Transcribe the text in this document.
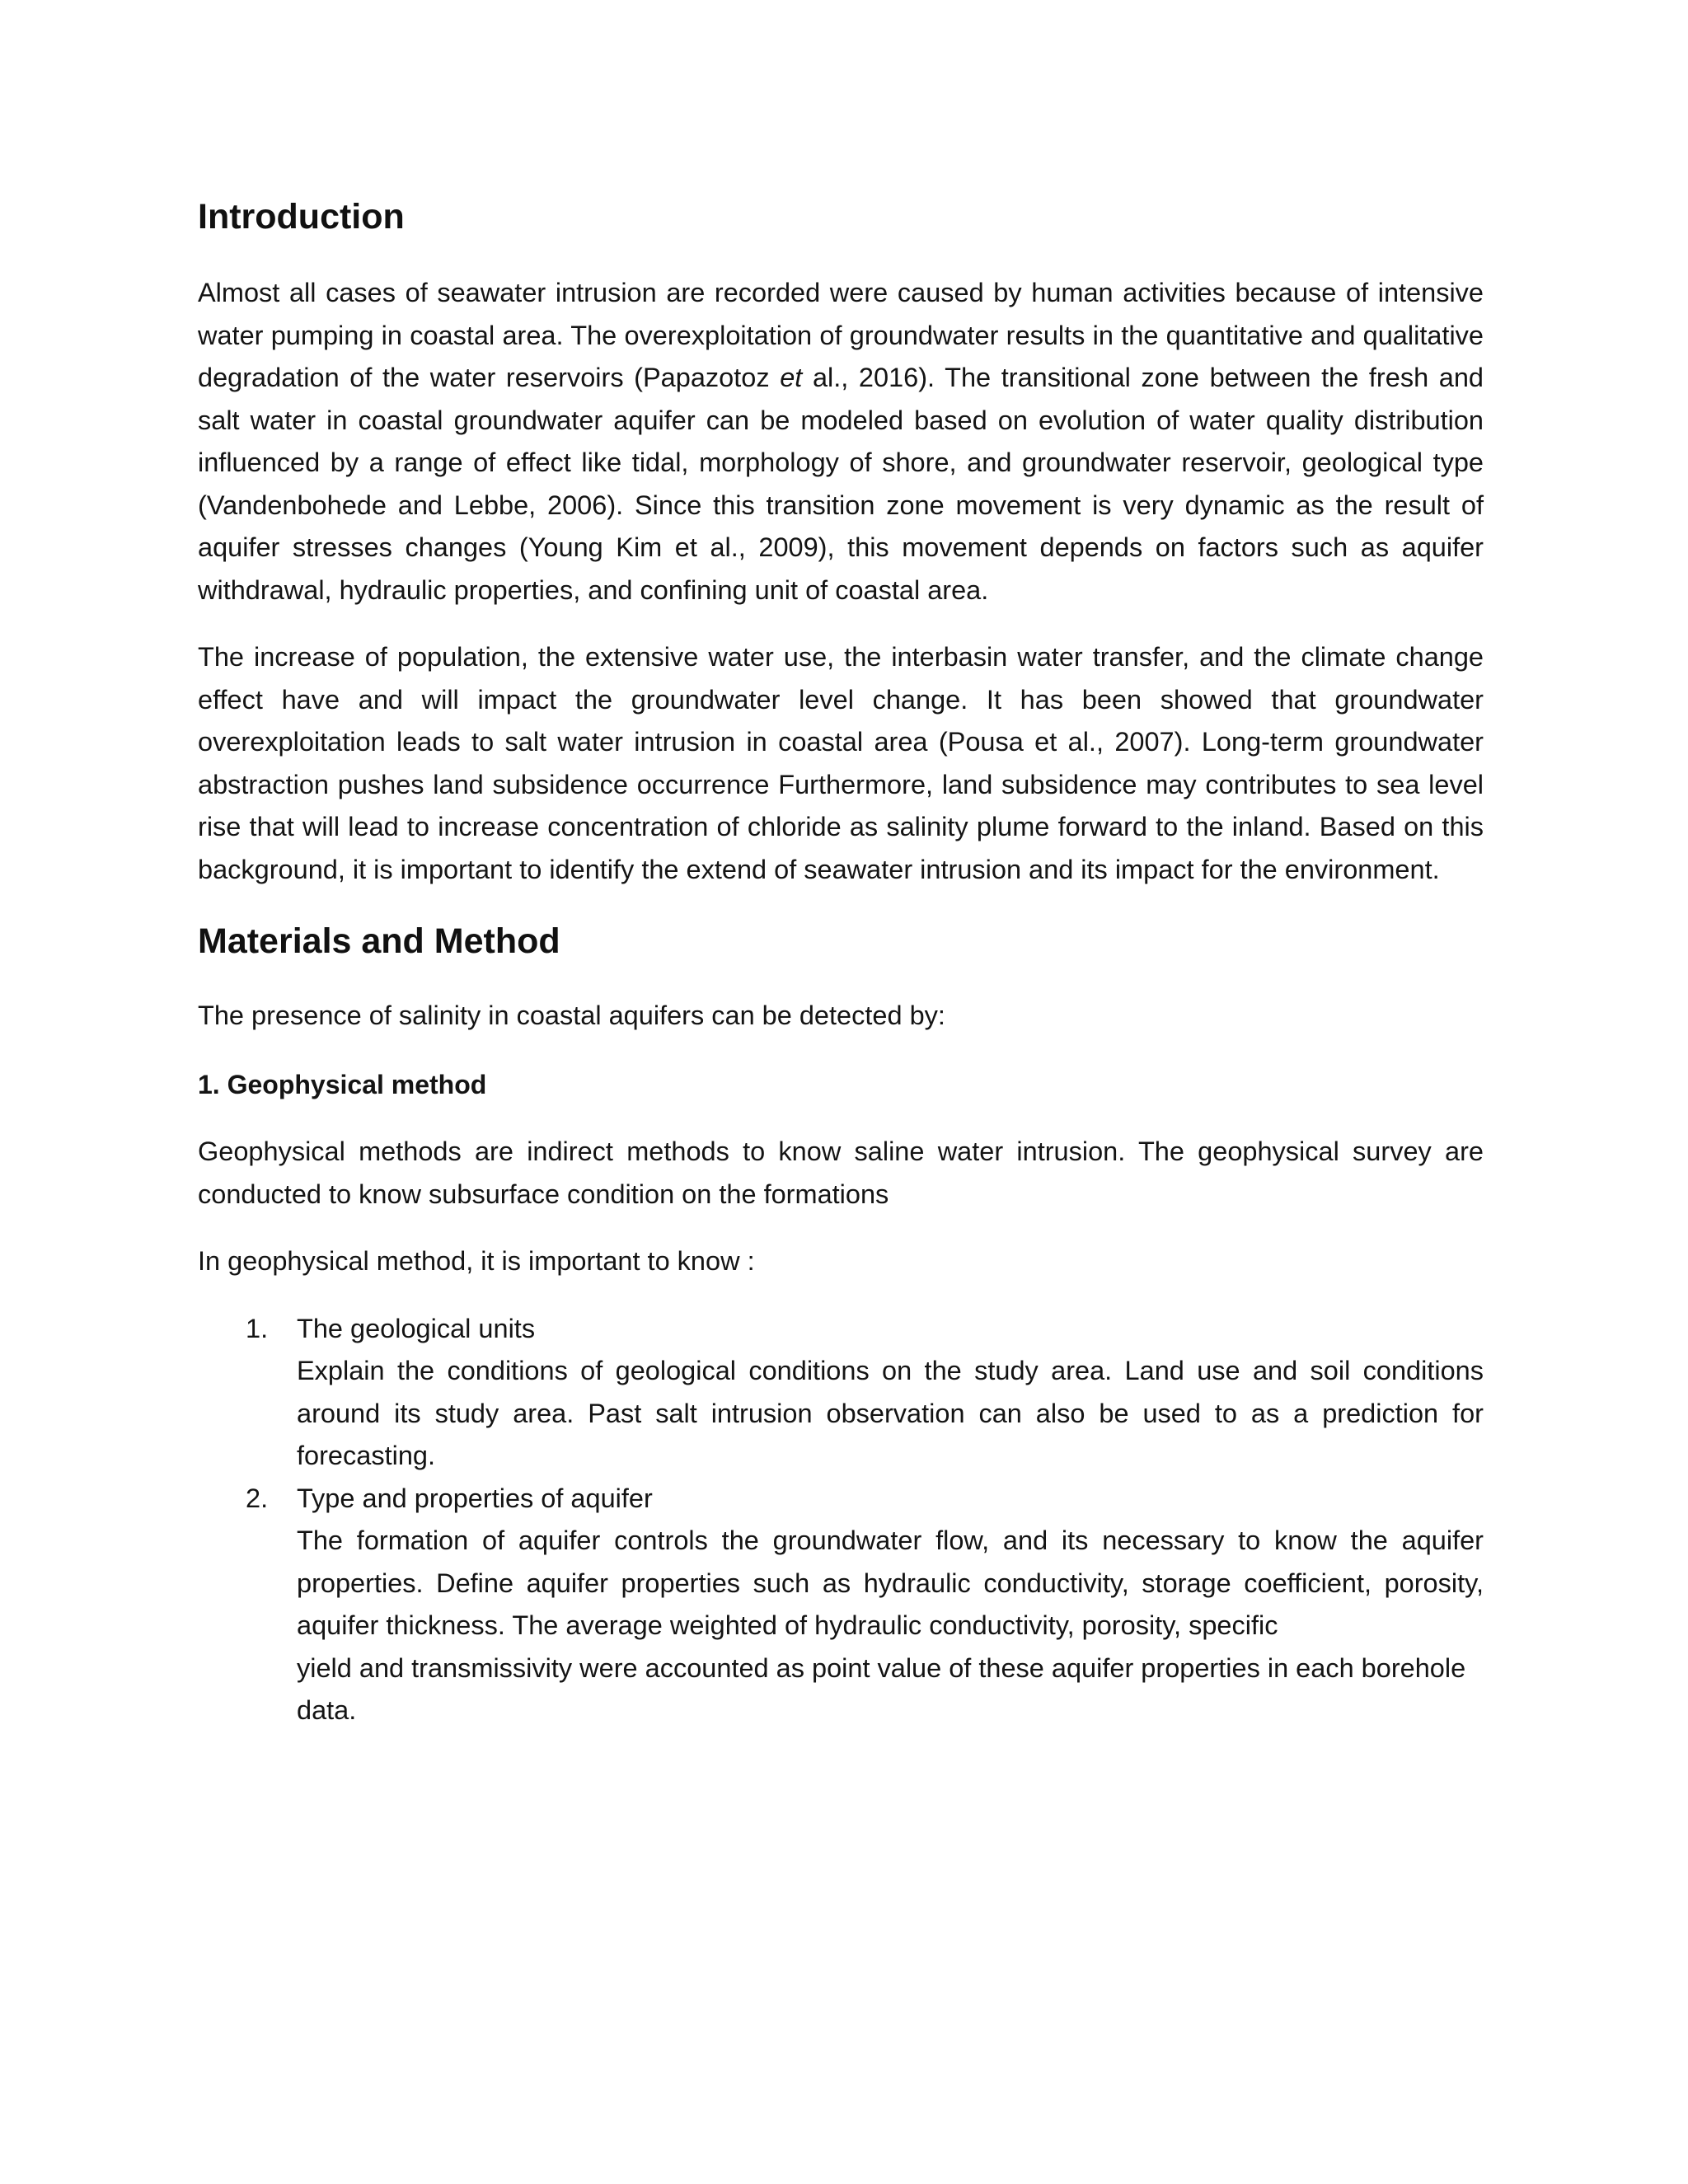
Introduction

Almost all cases of seawater intrusion are recorded were caused by human activities because of intensive water pumping in coastal area. The overexploitation of groundwater results in the quantitative and qualitative degradation of the water reservoirs (Papazotoz et al., 2016). The transitional zone between the fresh and salt water in coastal groundwater aquifer can be modeled based on evolution of water quality distribution influenced by a range of effect like tidal, morphology of shore, and groundwater reservoir, geological type (Vandenbohede and Lebbe, 2006). Since this transition zone movement is very dynamic as the result of aquifer stresses changes (Young Kim et al., 2009), this movement depends on factors such as aquifer withdrawal, hydraulic properties, and confining unit of coastal area.

The increase of population, the extensive water use, the interbasin water transfer, and the climate change effect have and will impact the groundwater level change. It has been showed that groundwater overexploitation leads to salt water intrusion in coastal area (Pousa et al., 2007). Long-term groundwater abstraction pushes land subsidence occurrence Furthermore, land subsidence may contributes to sea level rise that will lead to increase concentration of chloride as salinity plume forward to the inland. Based on this background, it is important to identify the extend of seawater intrusion and its impact for the environment.

Materials and Method

The presence of salinity in coastal aquifers can be detected by:

1. Geophysical method

Geophysical methods are indirect methods to know saline water intrusion. The geophysical survey are conducted to know subsurface condition on the formations

In geophysical method, it is important to know :

1. The geological units

Explain the conditions of geological conditions on the study area. Land use and soil conditions around its study area. Past salt intrusion observation can also be used to as a prediction for forecasting.

2. Type and properties of aquifer

The formation of aquifer controls the groundwater flow, and its necessary to know the aquifer properties. Define aquifer properties such as hydraulic conductivity, storage coefficient, porosity, aquifer thickness. The average weighted of hydraulic conductivity, porosity, specific

yield and transmissivity were accounted as point value of these aquifer properties in each borehole data.
